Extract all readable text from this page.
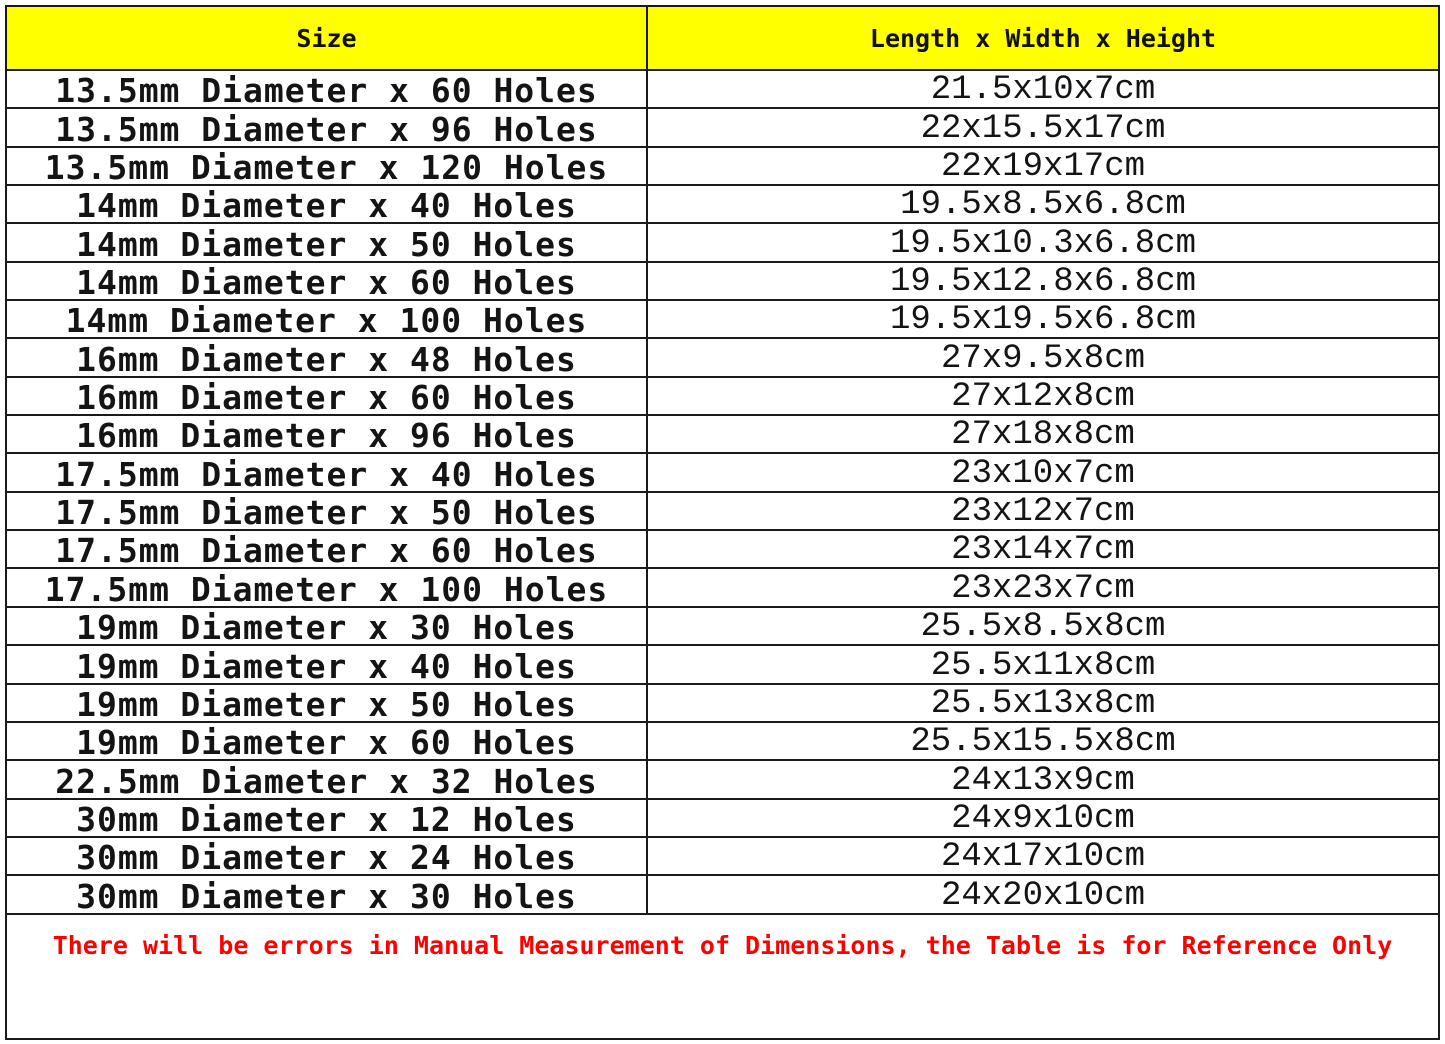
Size	Length x Width x Height
13.5mm Diameter x 60 Holes	21.5x10x7cm
13.5mm Diameter x 96 Holes	22x15.5x17cm
13.5mm Diameter x 120 Holes	22x19x17cm
14mm Diameter x 40 Holes	19.5x8.5x6.8cm
14mm Diameter x 50 Holes	19.5x10.3x6.8cm
14mm Diameter x 60 Holes	19.5x12.8x6.8cm
14mm Diameter x 100 Holes	19.5x19.5x6.8cm
16mm Diameter x 48 Holes	27x9.5x8cm
16mm Diameter x 60 Holes	27x12x8cm
16mm Diameter x 96 Holes	27x18x8cm
17.5mm Diameter x 40 Holes	23x10x7cm
17.5mm Diameter x 50 Holes	23x12x7cm
17.5mm Diameter x 60 Holes	23x14x7cm
17.5mm Diameter x 100 Holes	23x23x7cm
19mm Diameter x 30 Holes	25.5x8.5x8cm
19mm Diameter x 40 Holes	25.5x11x8cm
19mm Diameter x 50 Holes	25.5x13x8cm
19mm Diameter x 60 Holes	25.5x15.5x8cm
22.5mm Diameter x 32 Holes	24x13x9cm
30mm Diameter x 12 Holes	24x9x10cm
30mm Diameter x 24 Holes	24x17x10cm
30mm Diameter x 30 Holes	24x20x10cm
There will be errors in Manual Measurement of Dimensions, the Table is for Reference Only
